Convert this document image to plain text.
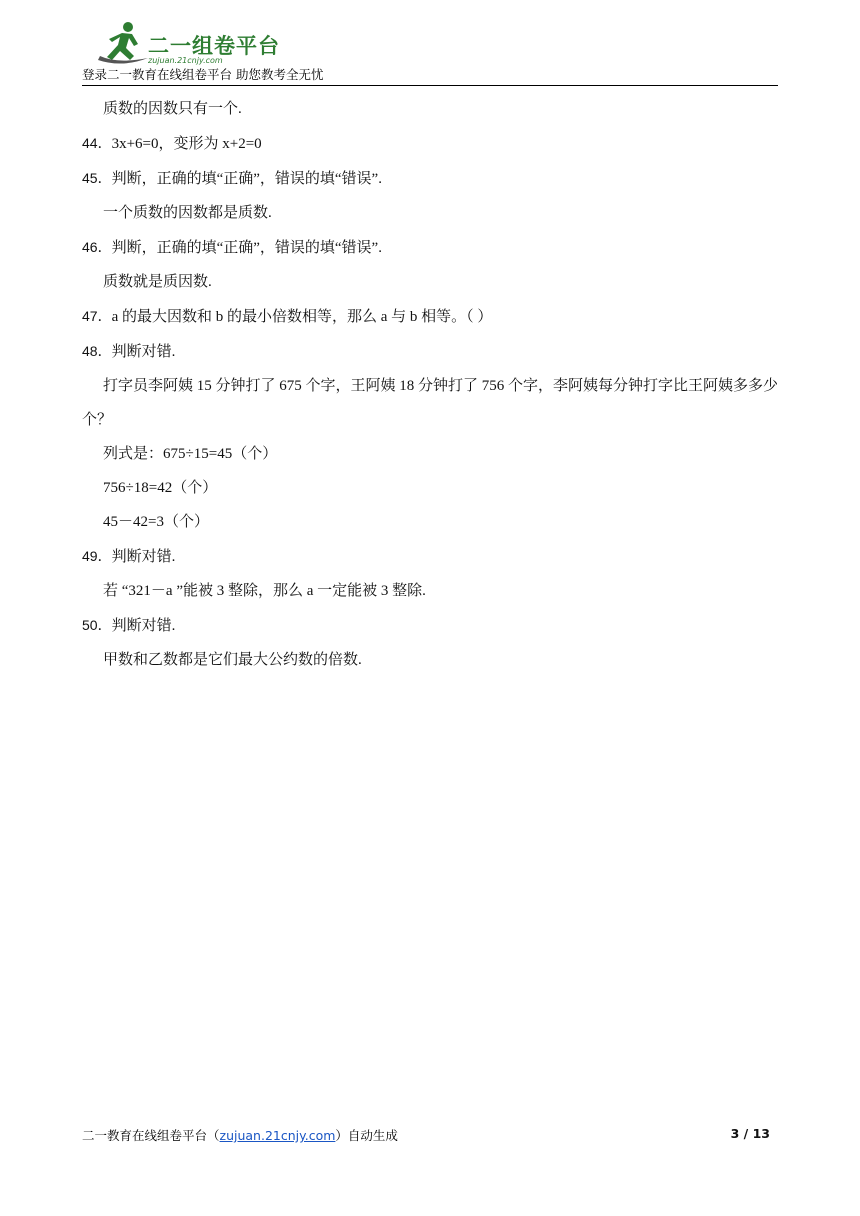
二一组卷平台
zujuan.21cnjy.com
登录二一教育在线组卷平台 助您教考全无忧
质数的因数只有一个.
44．3x+6=0，变形为 x+2=0
45．判断，正确的填“正确”，错误的填“错误”.
一个质数的因数都是质数.
46．判断，正确的填“正确”，错误的填“错误”.
质数就是质因数.
47．a 的最大因数和 b 的最小倍数相等，那么 a 与 b 相等。（ ）
48．判断对错.
打字员李阿姨 15 分钟打了 675 个字，王阿姨 18 分钟打了 756 个字，李阿姨每分钟打字比王阿姨多多少个？
列式是：675÷15=45（个）
756÷18=42（个）
45－42=3（个）
49．判断对错.
若 “321－a ”能被 3 整除，那么 a 一定能被 3 整除.
50．判断对错.
甲数和乙数都是它们最大公约数的倍数.
二一教育在线组卷平台（zujuan.21cnjy.com）自动生成	3 / 13
